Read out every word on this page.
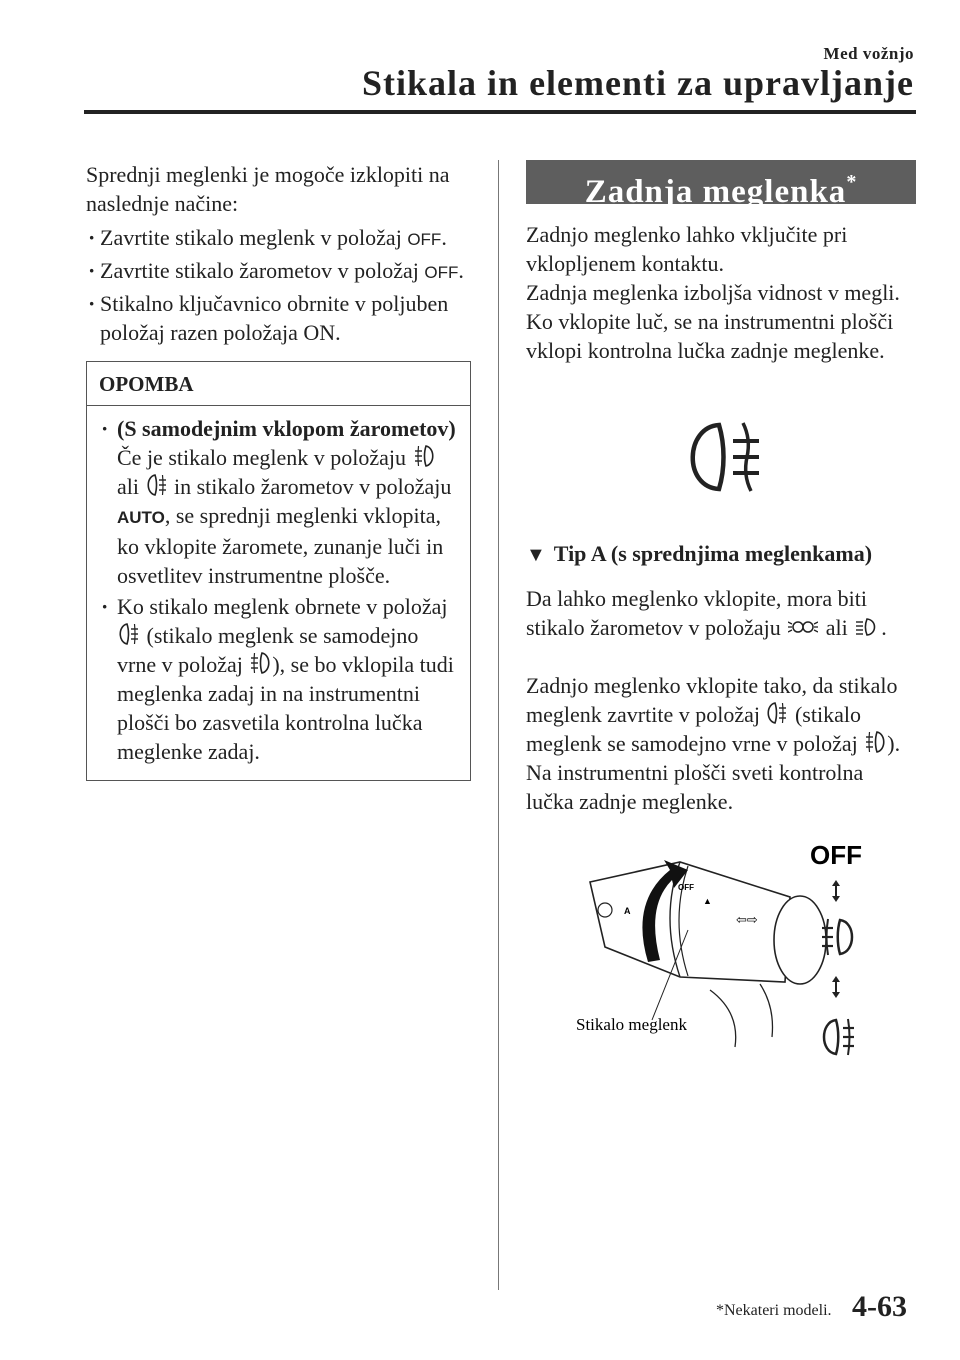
Med vožnjo
Stikala in elementi za upravljanje

Sprednji meglenki je mogoče izklopiti na naslednje načine:

· Zavrtite stikalo meglenk v položaj OFF.
· Zavrtite stikalo žarometov v položaj OFF.
· Stikalno ključavnico obrnite v poljuben položaj razen položaja ON.
OPOMBA
· (S samodejnim vklopom žarometov)
Če je stikalo meglenk v položaju
ali in stikalo žarometov v položaju
AUTO, se sprednji meglenki vklopita, ko vklopite žaromete, zunanje luči in osvetlitev instrumentne plošče.
· Ko stikalo meglenk obrnete v položaj
(stikalo meglenk se samodejno vrne v položaj ), se bo vklopila tudi meglenka zadaj in na instrumentni plošči bo zasvetila kontrolna lučka meglenke zadaj.
Zadnja meglenka*

Zadnjo meglenko lahko vključite pri vklopljenem kontaktu.

Zadnja meglenka izboljša vidnost v megli. Ko vklopite luč, se na instrumentni plošči vklopi kontrolna lučka zadnje meglenke.

▼ Tip A (s sprednjima meglenkama)

Da lahko meglenko vklopite, mora biti stikalo žarometov v položaju ali .

Zadnjo meglenko vklopite tako, da stikalo meglenk zavrtite v položaj (stikalo meglenk se samodejno vrne v položaj ). Na instrumentni plošči sveti kontrolna lučka zadnje meglenke.

A
OFF
⇦⇨
▲
Stikalo meglenk
OFF
*Nekateri modeli. 4-63
